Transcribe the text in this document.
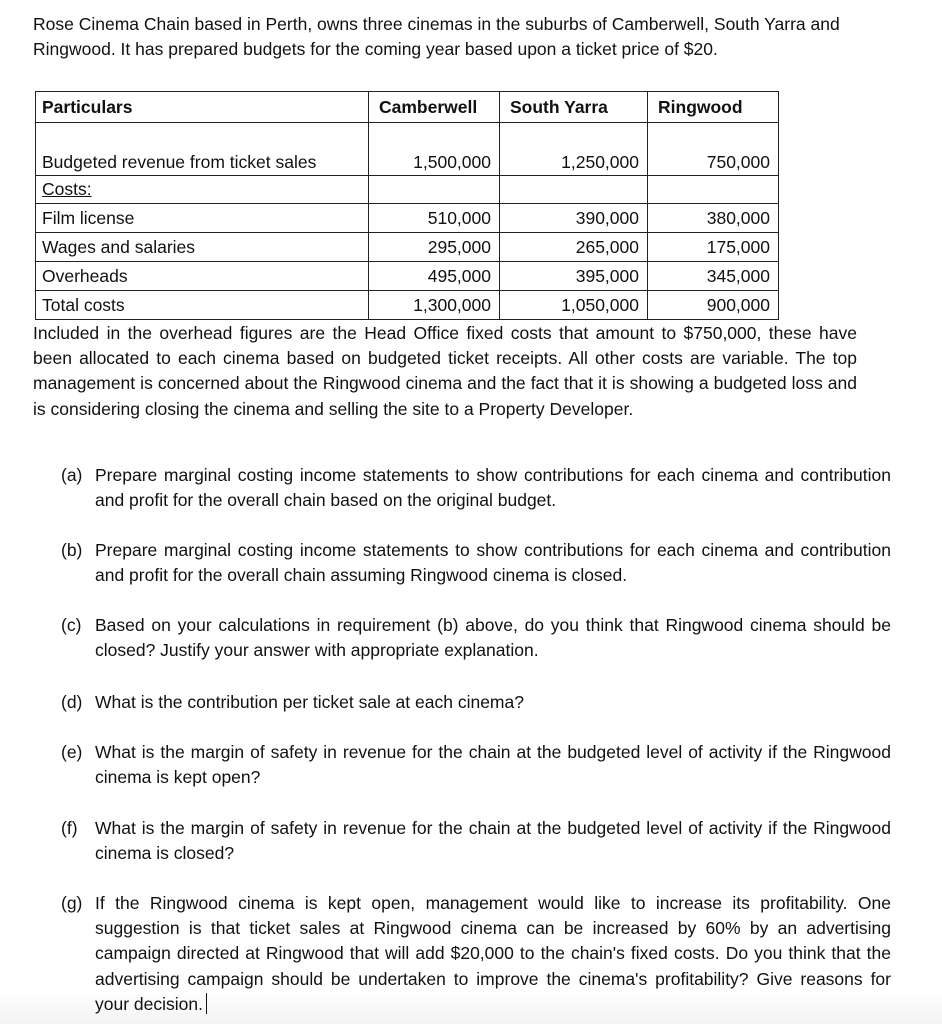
Rose Cinema Chain based in Perth, owns three cinemas in the suburbs of Camberwell, South Yarra and Ringwood. It has prepared budgets for the coming year based upon a ticket price of $20.

Particulars	Camberwell	South Yarra	Ringwood
Budgeted revenue from ticket sales	1,500,000	1,250,000	750,000
Costs:			
Film license	510,000	390,000	380,000
Wages and salaries	295,000	265,000	175,000
Overheads	495,000	395,000	345,000
Total costs	1,300,000	1,050,000	900,000

Included in the overhead figures are the Head Office fixed costs that amount to $750,000, these have been allocated to each cinema based on budgeted ticket receipts. All other costs are variable. The top management is concerned about the Ringwood cinema and the fact that it is showing a budgeted loss and is considering closing the cinema and selling the site to a Property Developer.

(a) Prepare marginal costing income statements to show contributions for each cinema and contribution and profit for the overall chain based on the original budget.

(b) Prepare marginal costing income statements to show contributions for each cinema and contribution and profit for the overall chain assuming Ringwood cinema is closed.

(c) Based on your calculations in requirement (b) above, do you think that Ringwood cinema should be closed? Justify your answer with appropriate explanation.

(d) What is the contribution per ticket sale at each cinema?

(e) What is the margin of safety in revenue for the chain at the budgeted level of activity if the Ringwood cinema is kept open?

(f) What is the margin of safety in revenue for the chain at the budgeted level of activity if the Ringwood cinema is closed?

(g) If the Ringwood cinema is kept open, management would like to increase its profitability. One suggestion is that ticket sales at Ringwood cinema can be increased by 60% by an advertising campaign directed at Ringwood that will add $20,000 to the chain's fixed costs. Do you think that the advertising campaign should be undertaken to improve the cinema's profitability? Give reasons for your decision.
